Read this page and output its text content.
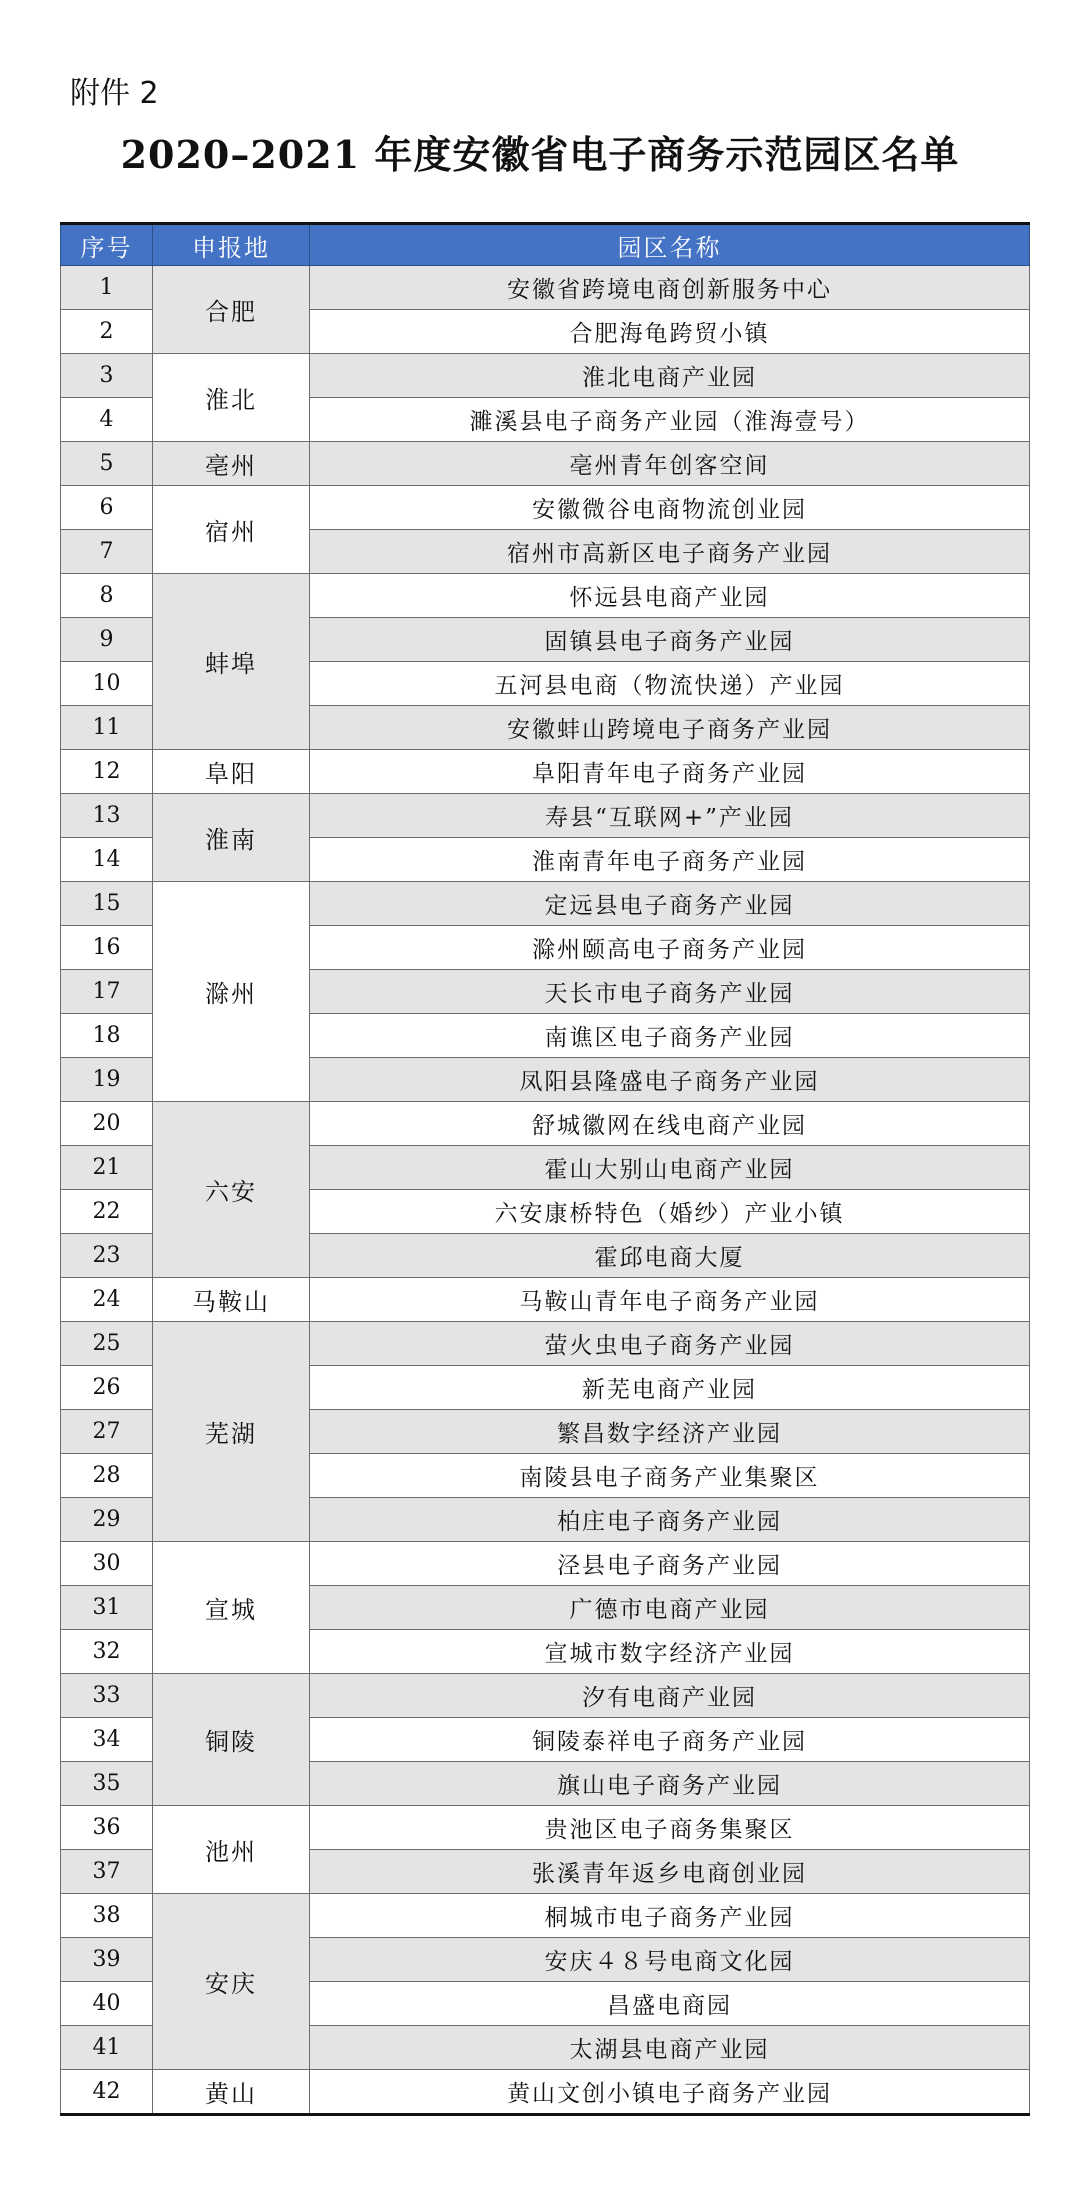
附件 2
2020–2021 年度安徽省电子商务示范园区名单
序号	申报地	园区名称
1	合肥	安徽省跨境电商创新服务中心
2		合肥海龟跨贸小镇
3	淮北	淮北电商产业园
4		濉溪县电子商务产业园（淮海壹号）
5	亳州	亳州青年创客空间
6	宿州	安徽微谷电商物流创业园
7		宿州市高新区电子商务产业园
8	蚌埠	怀远县电商产业园
9		固镇县电子商务产业园
10		五河县电商（物流快递）产业园
11		安徽蚌山跨境电子商务产业园
12	阜阳	阜阳青年电子商务产业园
13	淮南	寿县“互联网+”产业园
14		淮南青年电子商务产业园
15	滁州	定远县电子商务产业园
16		滁州颐高电子商务产业园
17		天长市电子商务产业园
18		南谯区电子商务产业园
19		凤阳县隆盛电子商务产业园
20	六安	舒城徽网在线电商产业园
21		霍山大别山电商产业园
22		六安康桥特色（婚纱）产业小镇
23		霍邱电商大厦
24	马鞍山	马鞍山青年电子商务产业园
25	芜湖	萤火虫电子商务产业园
26		新芜电商产业园
27		繁昌数字经济产业园
28		南陵县电子商务产业集聚区
29		柏庄电子商务产业园
30	宣城	泾县电子商务产业园
31		广德市电商产业园
32		宣城市数字经济产业园
33	铜陵	汐有电商产业园
34		铜陵泰祥电子商务产业园
35		旗山电子商务产业园
36	池州	贵池区电子商务集聚区
37		张溪青年返乡电商创业园
38	安庆	桐城市电子商务产业园
39		安庆４８号电商文化园
40		昌盛电商园
41		太湖县电商产业园
42	黄山	黄山文创小镇电子商务产业园
